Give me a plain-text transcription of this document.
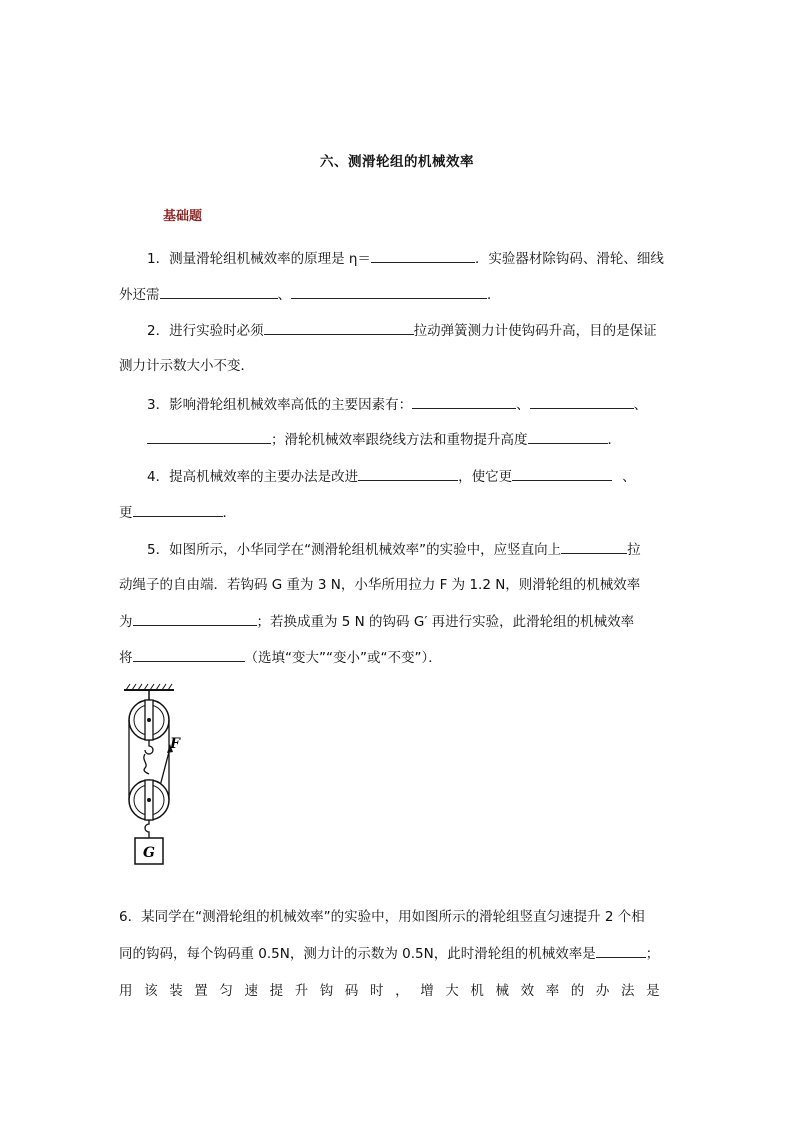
六、测滑轮组的机械效率
基础题
1．测量滑轮组机械效率的原理是 η＝	．实验器材除钩码、滑轮、细线
外还需	、	．
2．进行实验时必须	拉动弹簧测力计使钩码升高，目的是保证
测力计示数大小不变．
3．影响滑轮组机械效率高低的主要因素有：	、	、
；滑轮机械效率跟绕线方法和重物提升高度	．
4．提高机械效率的主要办法是改进	，使它更	、
更	．
5．如图所示，小华同学在“测滑轮组机械效率”的实验中，应竖直向上	拉
动绳子的自由端．若钩码 G 重为 3 N，小华所用拉力 F 为 1.2 N，则滑轮组的机械效率
为	；若换成重为 5 N 的钩码 G′ 再进行实验，此滑轮组的机械效率
将	（选填“变大”“变小”或“不变”）．
F
G
6．某同学在“测滑轮组的机械效率”的实验中，用如图所示的滑轮组竖直匀速提升 2 个相
同的钩码，每个钩码重 0.5N，测力计的示数为 0.5N，此时滑轮组的机械效率是	；
用该装置匀速提升钩码时，增大机械效率的办法是
